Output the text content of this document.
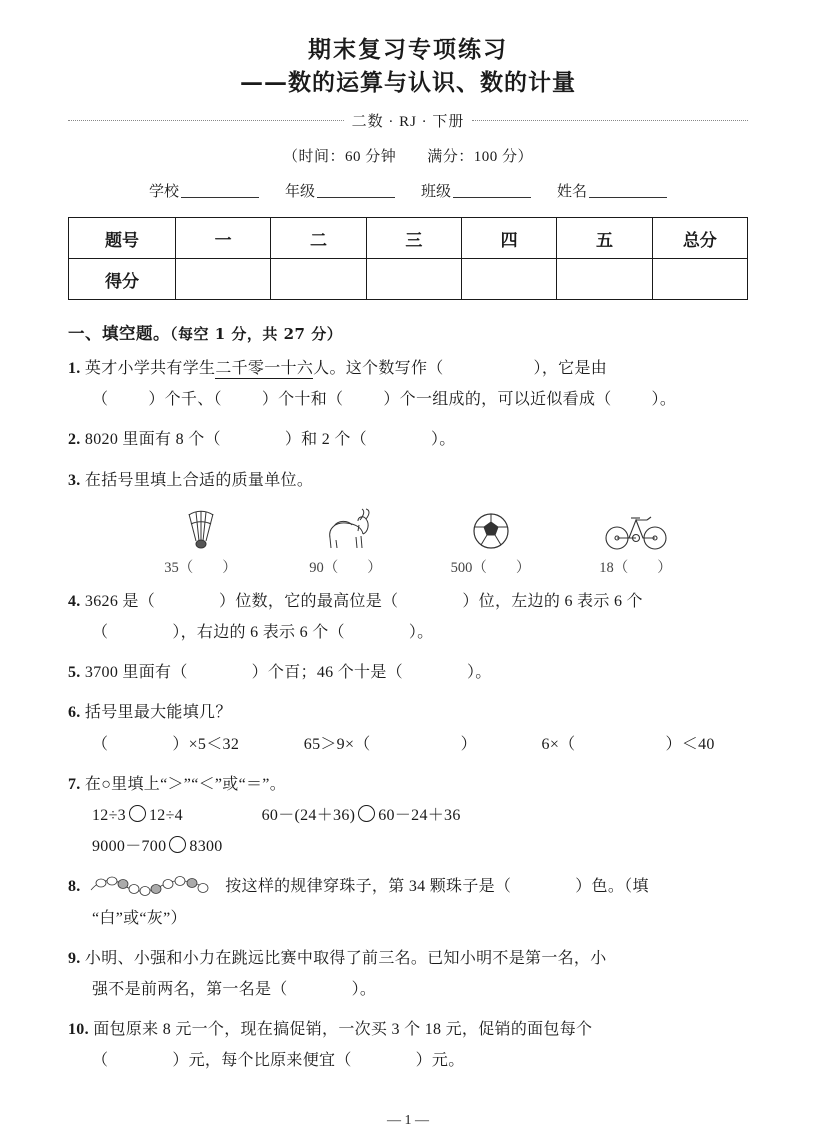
期末复习专项练习
——数的运算与认识、数的计量
二数 · RJ · 下册
（时间：60 分钟　　满分：100 分）
学校	年级	班级	姓名
题号	一	二	三	四	五	总分
得分						
一、填空题。（每空 1 分，共 27 分）
1. 英才小学共有学生二千零一十六人。这个数写作（	），它是由
（	）个千、（	）个十和（	）个一组成的，可以近似看成（	）。
2. 8020 里面有 8 个（	）和 2 个（	）。
3. 在括号里填上合适的质量单位。
35（　　）	90（　　）	500（　　）	18（　　）
4. 3626 是（	）位数，它的最高位是（	）位，左边的 6 表示 6 个
（	），右边的 6 表示 6 个（	）。
5. 3700 里面有（	）个百；46 个十是（	）。
6. 括号里最大能填几？
（	）×5＜32	65＞9×（	）	6×（	）＜40
7. 在○里填上“＞”“＜”或“＝”。
12÷3 12÷4	60－(24＋36) 60－24＋36
9000－700 8300
8.	按这样的规律穿珠子，第 34 颗珠子是（	）色。（填
“白”或“灰”）
9. 小明、小强和小力在跳远比赛中取得了前三名。已知小明不是第一名，小
强不是前两名，第一名是（	）。
10. 面包原来 8 元一个，现在搞促销，一次买 3 个 18 元，促销的面包每个
（	）元，每个比原来便宜（	）元。
— 1 —
